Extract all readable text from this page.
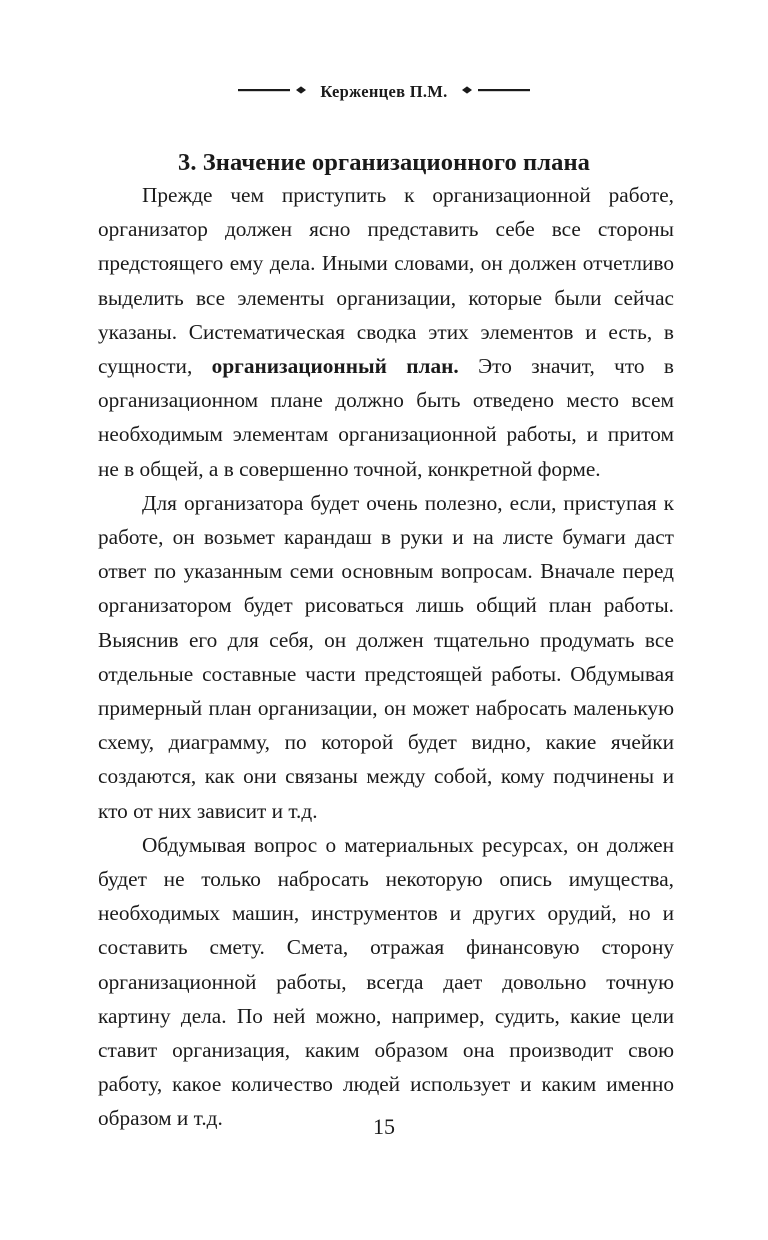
Керженцев П.М.
3. Значение организационного плана

Прежде чем приступить к организационной работе, организатор должен ясно представить себе все стороны предстоящего ему дела. Иными словами, он должен отчетливо выделить все элементы организации, которые были сейчас указаны. Систематическая сводка этих элементов и есть, в сущности, организационный план. Это значит, что в организационном плане должно быть отведено место всем необходимым элементам организационной работы, и притом не в общей, а в совершенно точной, конкретной форме.

Для организатора будет очень полезно, если, приступая к работе, он возьмет карандаш в руки и на листе бумаги даст ответ по указанным семи основным вопросам. Вначале перед организатором будет рисоваться лишь общий план работы. Выяснив его для себя, он должен тщательно продумать все отдельные составные части предстоящей работы. Обдумывая примерный план организации, он может набросать маленькую схему, диаграмму, по которой будет видно, какие ячейки создаются, как они связаны между собой, кому подчинены и кто от них зависит и т.д.

Обдумывая вопрос о материальных ресурсах, он должен будет не только набросать некоторую опись имущества, необходимых машин, инструментов и других орудий, но и составить смету. Смета, отражая финансовую сторону организационной работы, всегда дает довольно точную картину дела. По ней можно, например, судить, какие цели ставит организация, каким образом она производит свою работу, какое количество людей использует и каким именно образом и т.д.	15
